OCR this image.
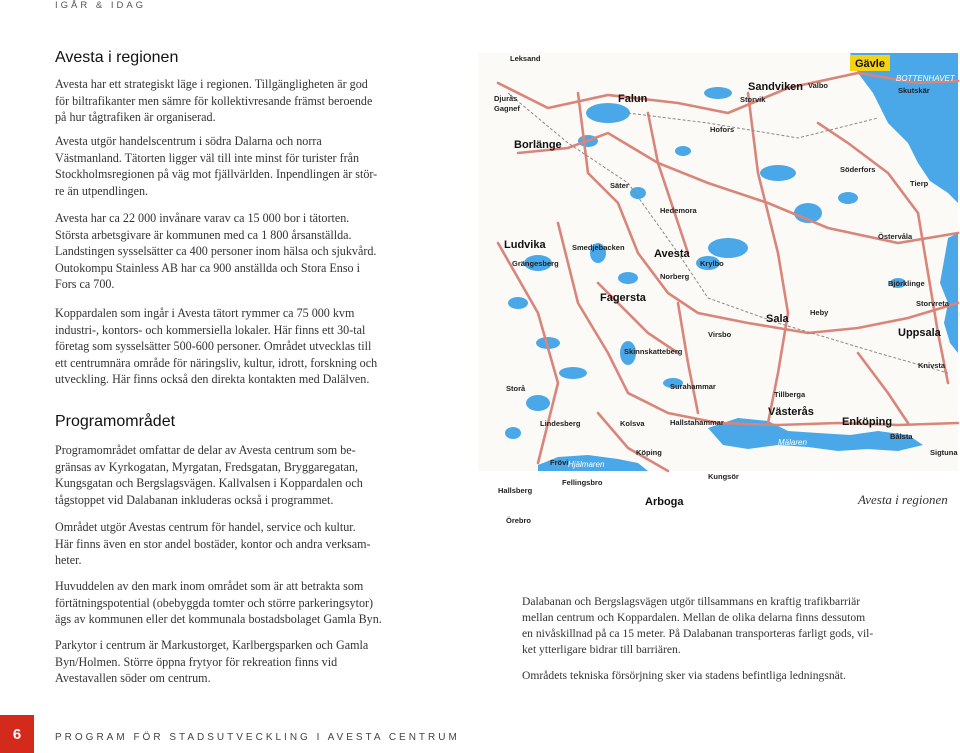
IGÅR & IDAG
Avesta i regionen

Avesta har ett strategiskt läge i regionen. Tillgängligheten är god

för biltrafikanter men sämre för kollektivresande främst beroende

på hur tågtrafiken är organiserad.

Avesta utgör handelscentrum i södra Dalarna och norra

Västmanland. Tätorten ligger väl till inte minst för turister från

Stockholmsregionen på väg mot fjällvärlden. Inpendlingen är stör-

re än utpendlingen.

Avesta har ca 22 000 invånare varav ca 15 000 bor i tätorten.

Största arbetsgivare är kommunen med ca 1 800 årsanställda.

Landstingen sysselsätter ca 400 personer inom hälsa och sjukvård.

Outokompu Stainless AB har ca 900 anställda och Stora Enso i

Fors ca 700.

Koppardalen som ingår i Avesta tätort rymmer ca 75 000 kvm

industri-, kontors- och kommersiella lokaler. Här finns ett 30-tal

företag som sysselsätter 500-600 personer. Området utvecklas till

ett centrumnära område för näringsliv, kultur, idrott, forskning och

utveckling. Här finns också den direkta kontakten med Dalälven.

Programområdet

Programområdet omfattar de delar av Avesta centrum som be-

gränsas av Kyrkogatan, Myrgatan, Fredsgatan, Bryggaregatan,

Kungsgatan och Bergslagsvägen. Kallvalsen i Koppardalen och

tågstoppet vid Dalabanan inkluderas också i programmet.

Området utgör Avestas centrum för handel, service och kultur.

Här finns även en stor andel bostäder, kontor och andra verksam-

heter.

Huvuddelen av den mark inom området som är att betrakta som

förtätningspotential (obebyggda tomter och större parkeringsytor)

ägs av kommunen eller det kommunala bostadsbolaget Gamla Byn.

Parkytor i centrum är Markustorget, Karlbergsparken och Gamla

Byn/Holmen. Större öppna frytyor för rekreation finns vid

Avestavallen söder om centrum.

Gävle
Falun
Borlänge
Avesta
Sala
Uppsala
Västerås
Enköping
Arboga
Ludvika
Fagersta
Sandviken
Leksand
Gagnef
Djurås
Hofors
Storvik
Säter
Hedemora
Krylbo
Norberg
Heby
Tierp
Söderfors
Östervåla
Björklinge
Storvreta
Bålsta
Sigtuna
Kolsva
Köping
Kungsör
Hallstahammar
Surahammar
Skinnskatteberg
Smedjebacken
Grängesberg
Storå
Lindesberg
Frövi
Fellingsbro
Örebro
Skutskär
Valbo
Virsbo
Tillberga
Hallsberg
Knivsta
Mälaren
Hjälmaren
BOTTENHAVET
Avesta i regionen

Dalabanan och Bergslagsvägen utgör tillsammans en kraftig trafikbarriär

mellan centrum och Koppardalen. Mellan de olika delarna finns dessutom

en nivåskillnad på ca 15 meter. På Dalabanan transporteras farligt gods, vil-

ket ytterligare bidrar till barriären.

Områdets tekniska försörjning sker via stadens befintliga ledningsnät.

6	PROGRAM FÖR STADSUTVECKLING I AVESTA CENTRUM
